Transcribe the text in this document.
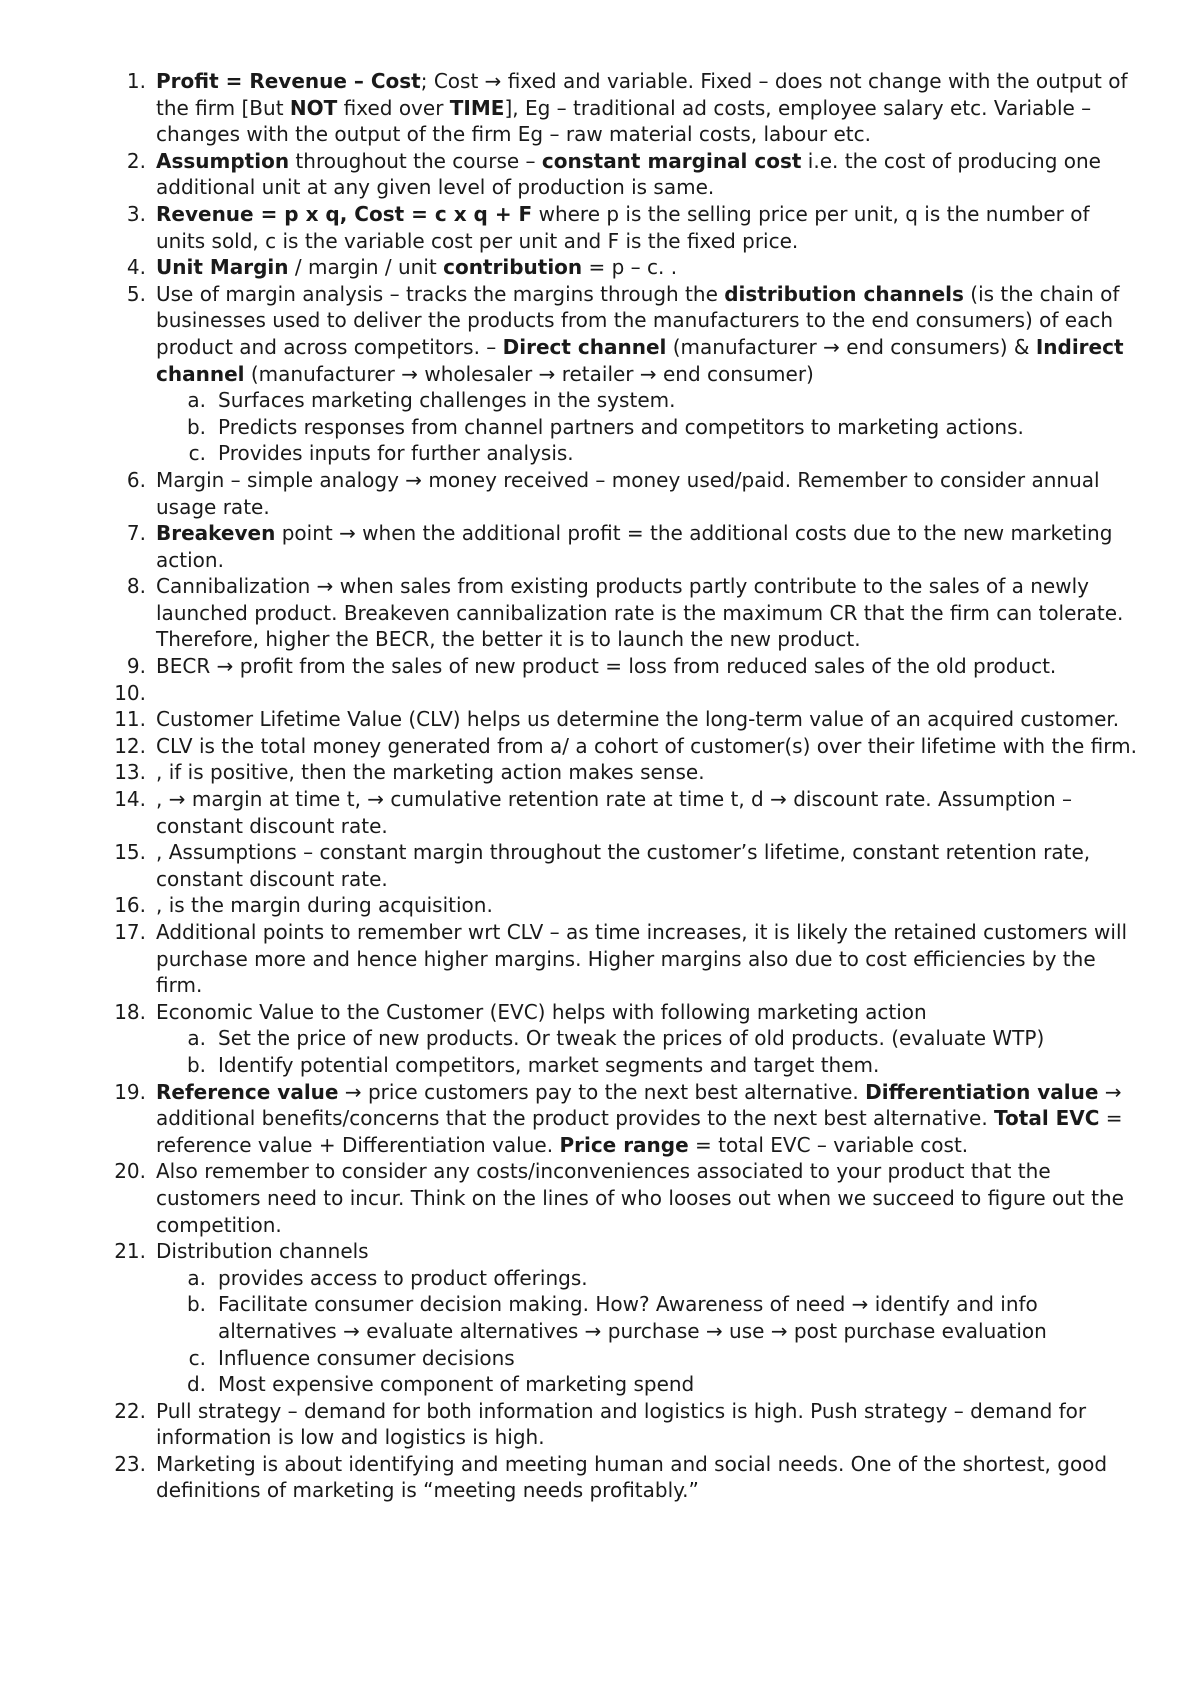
1. Profit = Revenue – Cost; Cost → fixed and variable. Fixed – does not change with the output of the firm [But NOT fixed over TIME], Eg – traditional ad costs, employee salary etc. Variable – changes with the output of the firm Eg – raw material costs, labour etc.
2. Assumption throughout the course – constant marginal cost i.e. the cost of producing one additional unit at any given level of production is same.
3. Revenue = p x q, Cost = c x q + F where p is the selling price per unit, q is the number of units sold, c is the variable cost per unit and F is the fixed price.
4. Unit Margin / margin / unit contribution = p – c. .
5. Use of margin analysis – tracks the margins through the distribution channels (is the chain of businesses used to deliver the products from the manufacturers to the end consumers) of each product and across competitors. – Direct channel (manufacturer → end consumers) & Indirect channel (manufacturer → wholesaler → retailer → end consumer)
a. Surfaces marketing challenges in the system.
b. Predicts responses from channel partners and competitors to marketing actions.
c. Provides inputs for further analysis.
6. Margin – simple analogy → money received – money used/paid. Remember to consider annual usage rate.
7. Breakeven point → when the additional profit = the additional costs due to the new marketing action.
8. Cannibalization → when sales from existing products partly contribute to the sales of a newly launched product. Breakeven cannibalization rate is the maximum CR that the firm can tolerate. Therefore, higher the BECR, the better it is to launch the new product.
9. BECR → profit from the sales of new product = loss from reduced sales of the old product.
10.
11. Customer Lifetime Value (CLV) helps us determine the long-term value of an acquired customer.
12. CLV is the total money generated from a/ a cohort of customer(s) over their lifetime with the firm.
13. , if is positive, then the marketing action makes sense.
14. , → margin at time t, → cumulative retention rate at time t, d → discount rate. Assumption – constant discount rate.
15. , Assumptions – constant margin throughout the customer’s lifetime, constant retention rate, constant discount rate.
16. , is the margin during acquisition.
17. Additional points to remember wrt CLV – as time increases, it is likely the retained customers will purchase more and hence higher margins. Higher margins also due to cost efficiencies by the firm.
18. Economic Value to the Customer (EVC) helps with following marketing action
a. Set the price of new products. Or tweak the prices of old products. (evaluate WTP)
b. Identify potential competitors, market segments and target them.
19. Reference value → price customers pay to the next best alternative. Differentiation value → additional benefits/concerns that the product provides to the next best alternative. Total EVC = reference value + Differentiation value. Price range = total EVC – variable cost.
20. Also remember to consider any costs/inconveniences associated to your product that the customers need to incur. Think on the lines of who looses out when we succeed to figure out the competition.
21. Distribution channels
a. provides access to product offerings.
b. Facilitate consumer decision making. How? Awareness of need → identify and info alternatives → evaluate alternatives → purchase → use → post purchase evaluation
c. Influence consumer decisions
d. Most expensive component of marketing spend
22. Pull strategy – demand for both information and logistics is high. Push strategy – demand for information is low and logistics is high.
23. Marketing is about identifying and meeting human and social needs. One of the shortest, good definitions of marketing is “meeting needs profitably.”
